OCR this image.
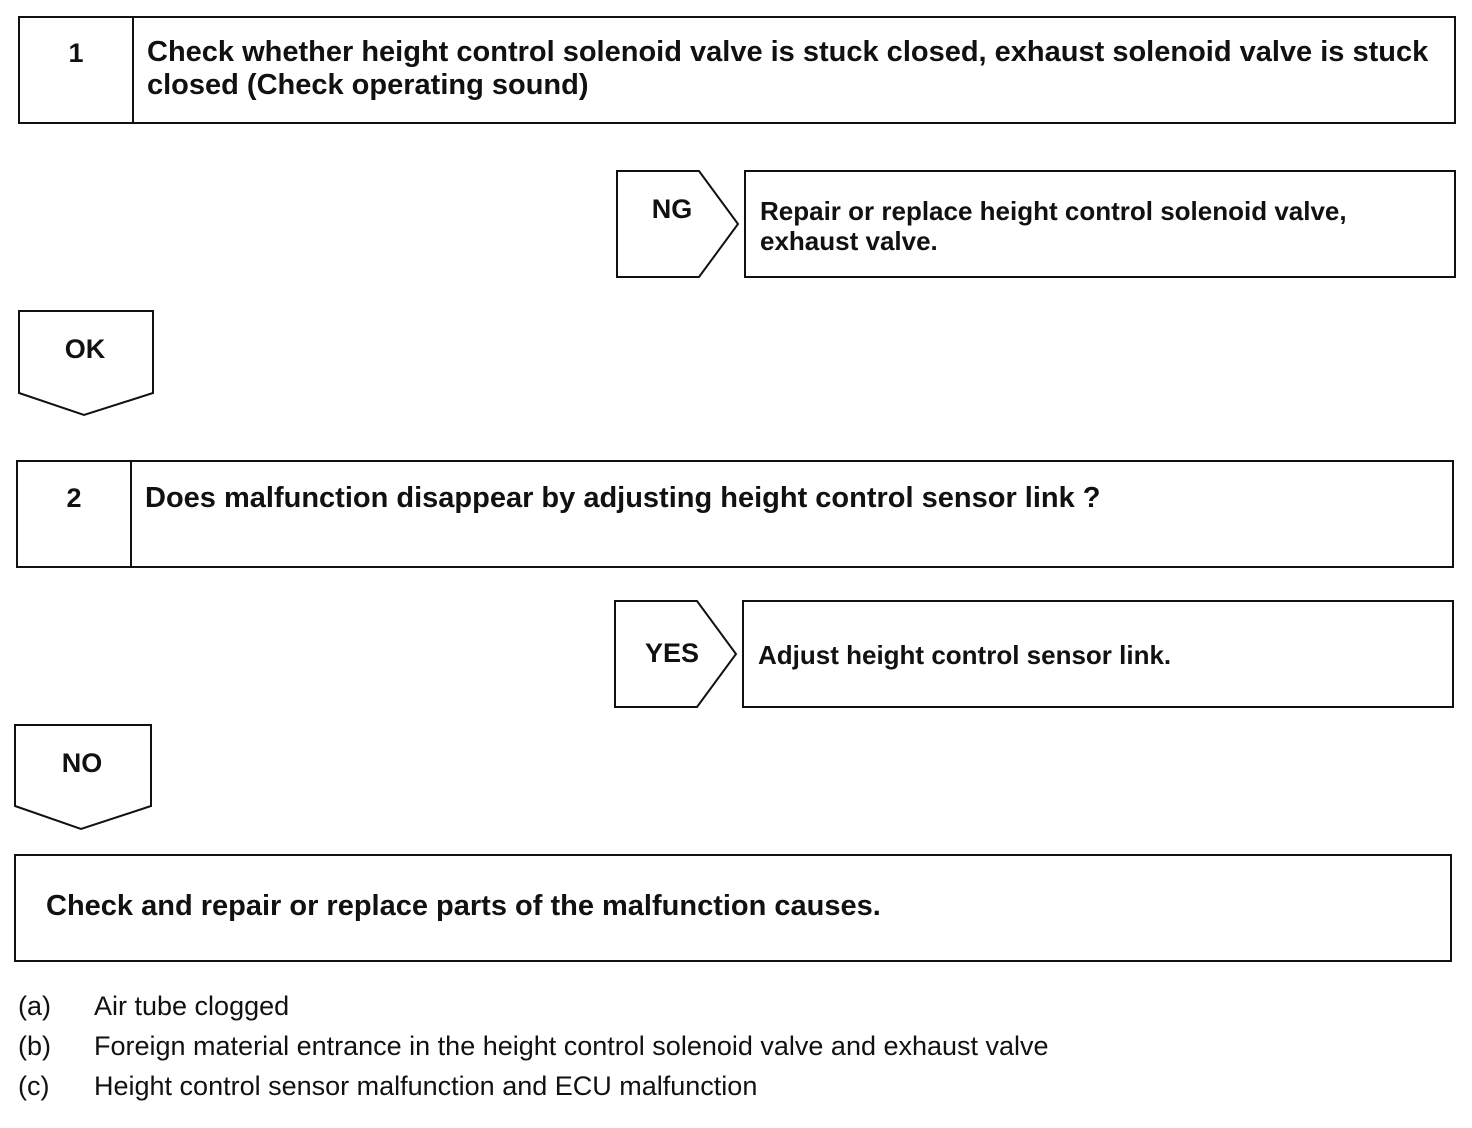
1	Check whether height control solenoid valve is stuck closed, exhaust solenoid valve is stuck closed (Check operating sound)
NG	Repair or replace height control solenoid valve, exhaust valve.
OK
2	Does malfunction disappear by adjusting height control sensor link ?
YES	Adjust height control sensor link.
NO
Check and repair or replace parts of the malfunction causes.
(a)	Air tube clogged
(b)	Foreign material entrance in the height control solenoid valve and exhaust valve
(c)	Height control sensor malfunction and ECU malfunction
